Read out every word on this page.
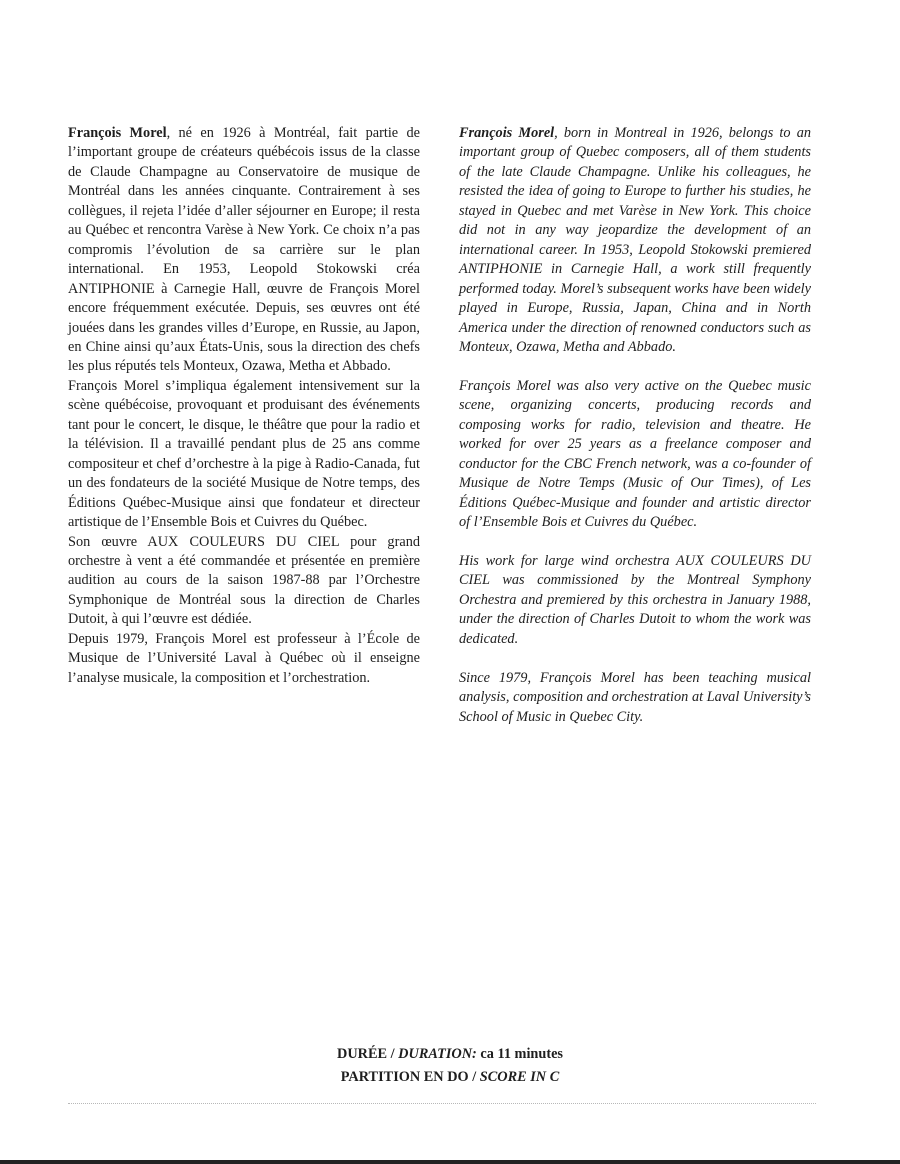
François Morel, né en 1926 à Montréal, fait partie de l’important groupe de créateurs québécois issus de la classe de Claude Champagne au Conservatoire de musique de Montréal dans les années cinquante. Contrairement à ses collègues, il rejeta l’idée d’aller séjourner en Europe; il resta au Québec et rencontra Varèse à New York. Ce choix n’a pas compromis l’évolution de sa carrière sur le plan international. En 1953, Leopold Stokowski créa ANTIPHONIE à Carnegie Hall, œuvre de François Morel encore fréquemment exécutée. Depuis, ses œuvres ont été jouées dans les grandes villes d’Europe, en Russie, au Japon, en Chine ainsi qu’aux États-Unis, sous la direction des chefs les plus réputés tels Monteux, Ozawa, Metha et Abbado.

François Morel s’impliqua également intensivement sur la scène québécoise, provoquant et produisant des événements tant pour le concert, le disque, le théâtre que pour la radio et la télévision. Il a travaillé pendant plus de 25 ans comme compositeur et chef d’orchestre à la pige à Radio-Canada, fut un des fondateurs de la société Musique de Notre temps, des Éditions Québec-Musique ainsi que fondateur et directeur artistique de l’Ensemble Bois et Cuivres du Québec.

Son œuvre AUX COULEURS DU CIEL pour grand orchestre à vent a été commandée et présentée en première audition au cours de la saison 1987-88 par l’Orchestre Symphonique de Montréal sous la direction de Charles Dutoit, à qui l’œuvre est dédiée.

Depuis 1979, François Morel est professeur à l’École de Musique de l’Université Laval à Québec où il enseigne l’analyse musicale, la composition et l’orchestration.

François Morel, born in Montreal in 1926, belongs to an important group of Quebec composers, all of them students of the late Claude Champagne. Unlike his colleagues, he resisted the idea of going to Europe to further his studies, he stayed in Quebec and met Varèse in New York. This choice did not in any way jeopardize the development of an international career. In 1953, Leopold Stokowski premiered ANTIPHONIE in Carnegie Hall, a work still frequently performed today. Morel’s subsequent works have been widely played in Europe, Russia, Japan, China and in North America under the direction of renowned conductors such as Monteux, Ozawa, Metha and Abbado.

François Morel was also very active on the Quebec music scene, organizing concerts, producing records and composing works for radio, television and theatre. He worked for over 25 years as a freelance composer and conductor for the CBC French network, was a co-founder of Musique de Notre Temps (Music of Our Times), of Les Éditions Québec-Musique and founder and artistic director of l’Ensemble Bois et Cuivres du Québec.

His work for large wind orchestra AUX COULEURS DU CIEL was commissioned by the Montreal Symphony Orchestra and premiered by this orchestra in January 1988, under the direction of Charles Dutoit to whom the work was dedicated.

Since 1979, François Morel has been teaching musical analysis, composition and orchestration at Laval University’s School of Music in Quebec City.

DURÉE / DURATION: ca 11 minutes
PARTITION EN DO / SCORE IN C
